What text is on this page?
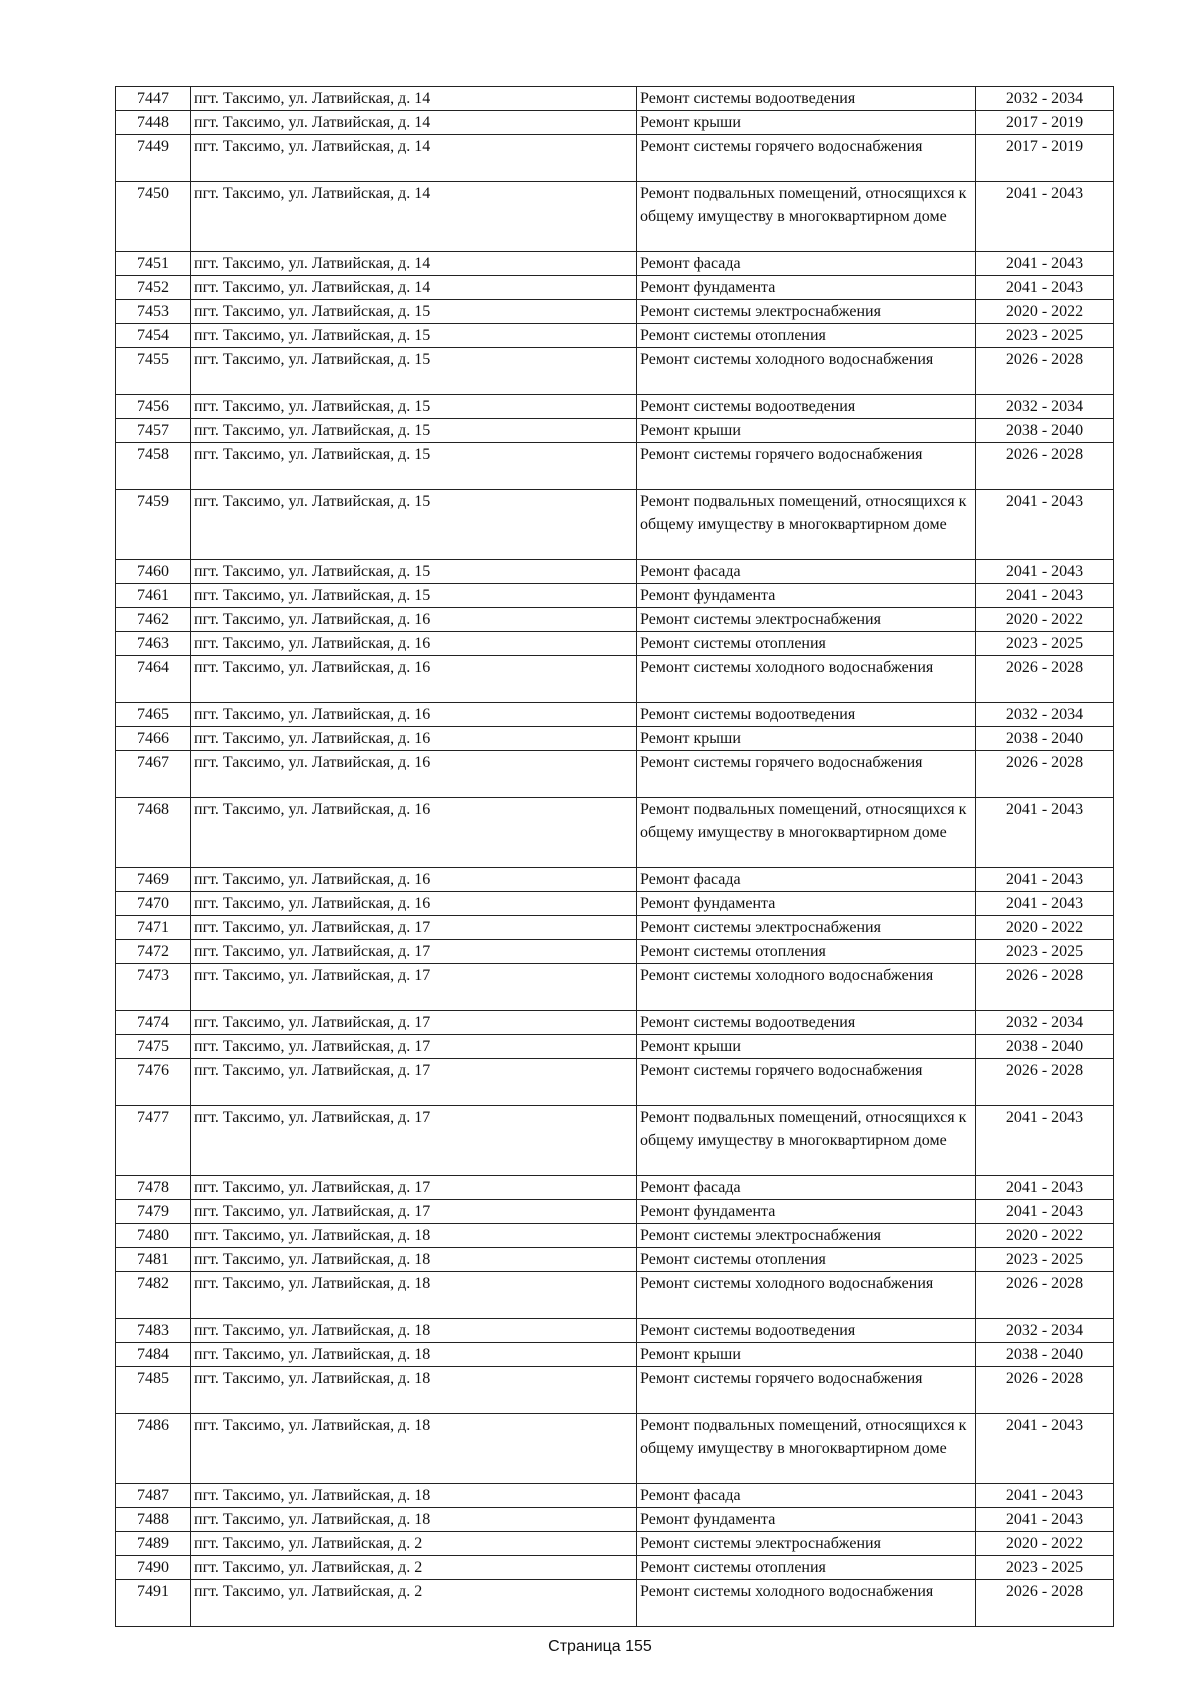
7447	пгт. Таксимо, ул. Латвийская, д. 14	Ремонт системы водоотведения	2032 - 2034
7448	пгт. Таксимо, ул. Латвийская, д. 14	Ремонт крыши	2017 - 2019
7449	пгт. Таксимо, ул. Латвийская, д. 14	Ремонт системы горячего водоснабжения	2017 - 2019
7450	пгт. Таксимо, ул. Латвийская, д. 14	Ремонт подвальных помещений, относящихся к общему имуществу в многоквартирном доме	2041 - 2043
7451	пгт. Таксимо, ул. Латвийская, д. 14	Ремонт фасада	2041 - 2043
7452	пгт. Таксимо, ул. Латвийская, д. 14	Ремонт фундамента	2041 - 2043
7453	пгт. Таксимо, ул. Латвийская, д. 15	Ремонт системы электроснабжения	2020 - 2022
7454	пгт. Таксимо, ул. Латвийская, д. 15	Ремонт системы отопления	2023 - 2025
7455	пгт. Таксимо, ул. Латвийская, д. 15	Ремонт системы холодного водоснабжения	2026 - 2028
7456	пгт. Таксимо, ул. Латвийская, д. 15	Ремонт системы водоотведения	2032 - 2034
7457	пгт. Таксимо, ул. Латвийская, д. 15	Ремонт крыши	2038 - 2040
7458	пгт. Таксимо, ул. Латвийская, д. 15	Ремонт системы горячего водоснабжения	2026 - 2028
7459	пгт. Таксимо, ул. Латвийская, д. 15	Ремонт подвальных помещений, относящихся к общему имуществу в многоквартирном доме	2041 - 2043
7460	пгт. Таксимо, ул. Латвийская, д. 15	Ремонт фасада	2041 - 2043
7461	пгт. Таксимо, ул. Латвийская, д. 15	Ремонт фундамента	2041 - 2043
7462	пгт. Таксимо, ул. Латвийская, д. 16	Ремонт системы электроснабжения	2020 - 2022
7463	пгт. Таксимо, ул. Латвийская, д. 16	Ремонт системы отопления	2023 - 2025
7464	пгт. Таксимо, ул. Латвийская, д. 16	Ремонт системы холодного водоснабжения	2026 - 2028
7465	пгт. Таксимо, ул. Латвийская, д. 16	Ремонт системы водоотведения	2032 - 2034
7466	пгт. Таксимо, ул. Латвийская, д. 16	Ремонт крыши	2038 - 2040
7467	пгт. Таксимо, ул. Латвийская, д. 16	Ремонт системы горячего водоснабжения	2026 - 2028
7468	пгт. Таксимо, ул. Латвийская, д. 16	Ремонт подвальных помещений, относящихся к общему имуществу в многоквартирном доме	2041 - 2043
7469	пгт. Таксимо, ул. Латвийская, д. 16	Ремонт фасада	2041 - 2043
7470	пгт. Таксимо, ул. Латвийская, д. 16	Ремонт фундамента	2041 - 2043
7471	пгт. Таксимо, ул. Латвийская, д. 17	Ремонт системы электроснабжения	2020 - 2022
7472	пгт. Таксимо, ул. Латвийская, д. 17	Ремонт системы отопления	2023 - 2025
7473	пгт. Таксимо, ул. Латвийская, д. 17	Ремонт системы холодного водоснабжения	2026 - 2028
7474	пгт. Таксимо, ул. Латвийская, д. 17	Ремонт системы водоотведения	2032 - 2034
7475	пгт. Таксимо, ул. Латвийская, д. 17	Ремонт крыши	2038 - 2040
7476	пгт. Таксимо, ул. Латвийская, д. 17	Ремонт системы горячего водоснабжения	2026 - 2028
7477	пгт. Таксимо, ул. Латвийская, д. 17	Ремонт подвальных помещений, относящихся к общему имуществу в многоквартирном доме	2041 - 2043
7478	пгт. Таксимо, ул. Латвийская, д. 17	Ремонт фасада	2041 - 2043
7479	пгт. Таксимо, ул. Латвийская, д. 17	Ремонт фундамента	2041 - 2043
7480	пгт. Таксимо, ул. Латвийская, д. 18	Ремонт системы электроснабжения	2020 - 2022
7481	пгт. Таксимо, ул. Латвийская, д. 18	Ремонт системы отопления	2023 - 2025
7482	пгт. Таксимо, ул. Латвийская, д. 18	Ремонт системы холодного водоснабжения	2026 - 2028
7483	пгт. Таксимо, ул. Латвийская, д. 18	Ремонт системы водоотведения	2032 - 2034
7484	пгт. Таксимо, ул. Латвийская, д. 18	Ремонт крыши	2038 - 2040
7485	пгт. Таксимо, ул. Латвийская, д. 18	Ремонт системы горячего водоснабжения	2026 - 2028
7486	пгт. Таксимо, ул. Латвийская, д. 18	Ремонт подвальных помещений, относящихся к общему имуществу в многоквартирном доме	2041 - 2043
7487	пгт. Таксимо, ул. Латвийская, д. 18	Ремонт фасада	2041 - 2043
7488	пгт. Таксимо, ул. Латвийская, д. 18	Ремонт фундамента	2041 - 2043
7489	пгт. Таксимо, ул. Латвийская, д. 2	Ремонт системы электроснабжения	2020 - 2022
7490	пгт. Таксимо, ул. Латвийская, д. 2	Ремонт системы отопления	2023 - 2025
7491	пгт. Таксимо, ул. Латвийская, д. 2	Ремонт системы холодного водоснабжения	2026 - 2028
Страница 155
